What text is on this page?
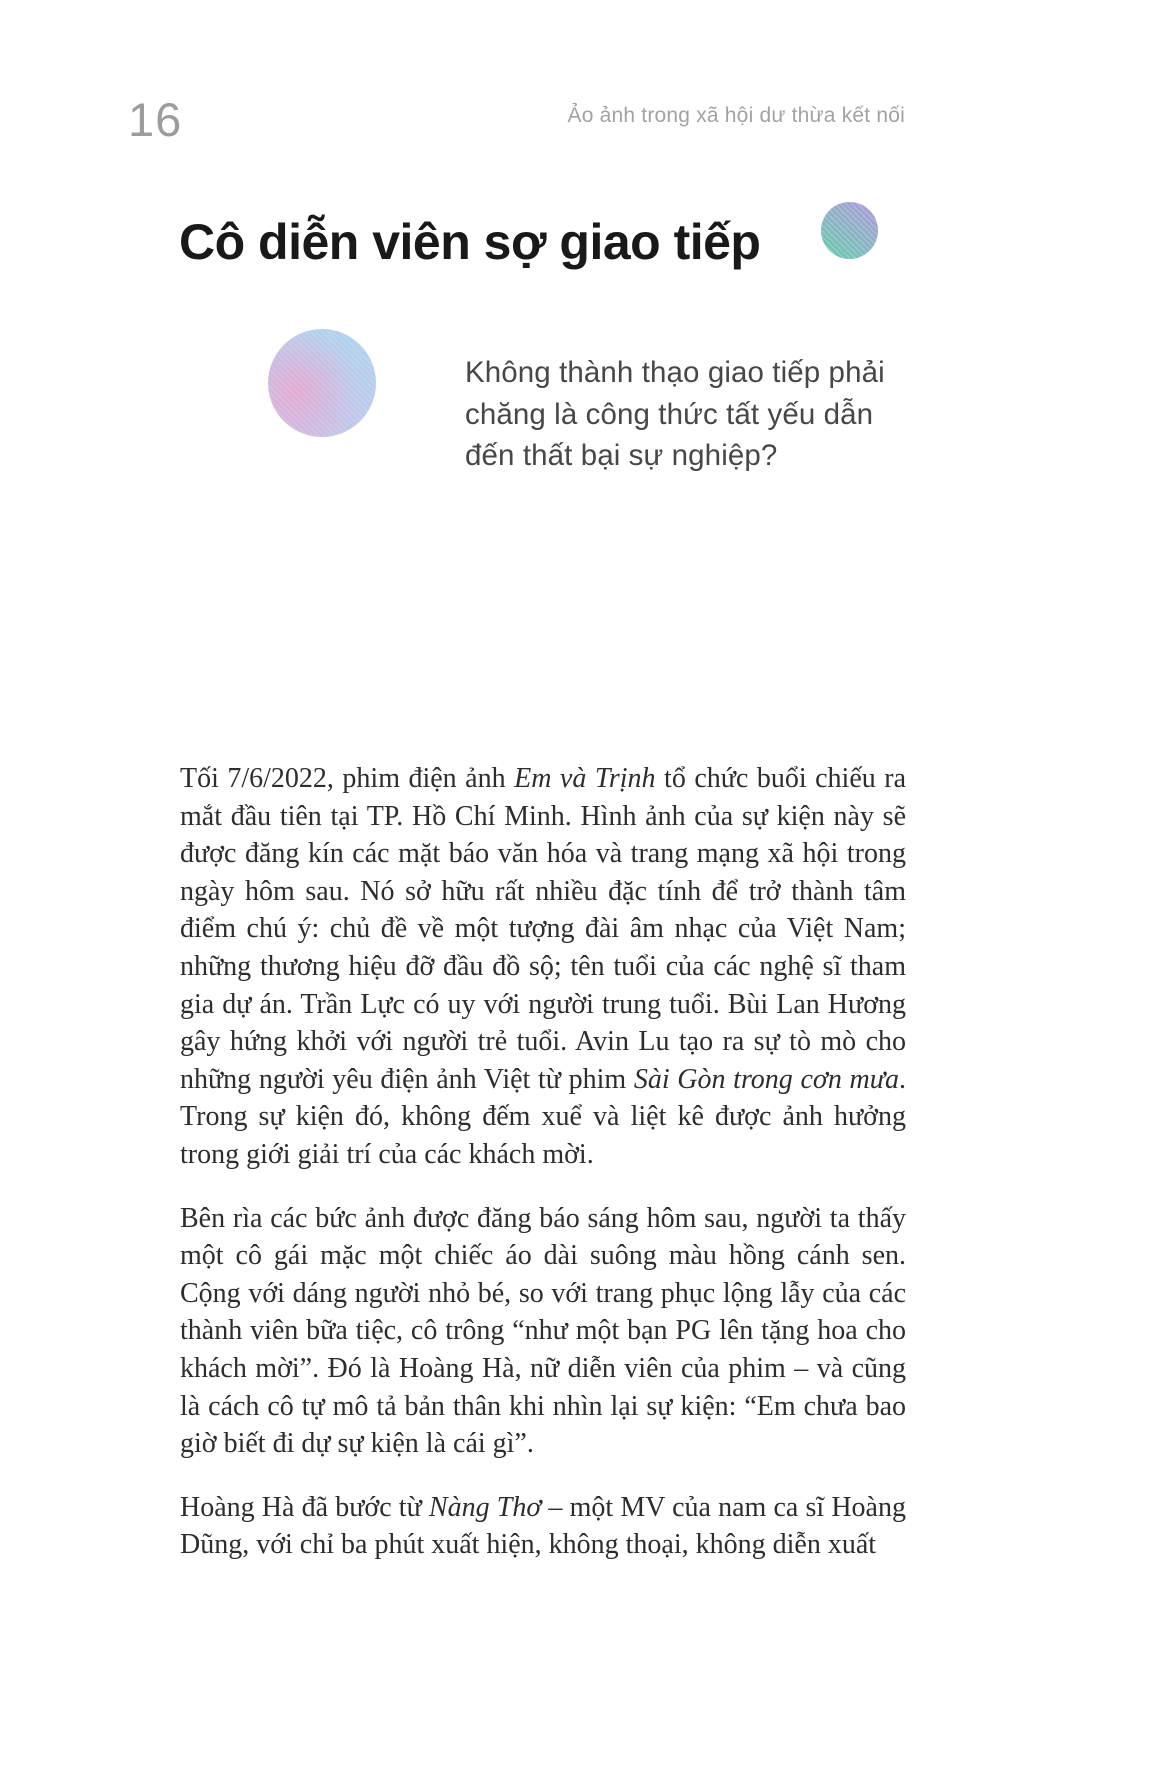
16	Ảo ảnh trong xã hội dư thừa kết nối
Cô diễn viên sợ giao tiếp
Không thành thạo giao tiếp phải
chăng là công thức tất yếu dẫn
đến thất bại sự nghiệp?

Tối 7/6/2022, phim điện ảnh Em và Trịnh tổ chức buổi chiếu ra mắt đầu tiên tại TP. Hồ Chí Minh. Hình ảnh của sự kiện này sẽ được đăng kín các mặt báo văn hóa và trang mạng xã hội trong ngày hôm sau. Nó sở hữu rất nhiều đặc tính để trở thành tâm điểm chú ý: chủ đề về một tượng đài âm nhạc của Việt Nam; những thương hiệu đỡ đầu đồ sộ; tên tuổi của các nghệ sĩ tham gia dự án. Trần Lực có uy với người trung tuổi. Bùi Lan Hương gây hứng khởi với người trẻ tuổi. Avin Lu tạo ra sự tò mò cho những người yêu điện ảnh Việt từ phim Sài Gòn trong cơn mưa. Trong sự kiện đó, không đếm xuể và liệt kê được ảnh hưởng trong giới giải trí của các khách mời.

Bên rìa các bức ảnh được đăng báo sáng hôm sau, người ta thấy một cô gái mặc một chiếc áo dài suông màu hồng cánh sen. Cộng với dáng người nhỏ bé, so với trang phục lộng lẫy của các thành viên bữa tiệc, cô trông “như một bạn PG lên tặng hoa cho khách mời”. Đó là Hoàng Hà, nữ diễn viên của phim – và cũng là cách cô tự mô tả bản thân khi nhìn lại sự kiện: “Em chưa bao giờ biết đi dự sự kiện là cái gì”.

Hoàng Hà đã bước từ Nàng Thơ – một MV của nam ca sĩ Hoàng Dũng, với chỉ ba phút xuất hiện, không thoại, không diễn xuất
